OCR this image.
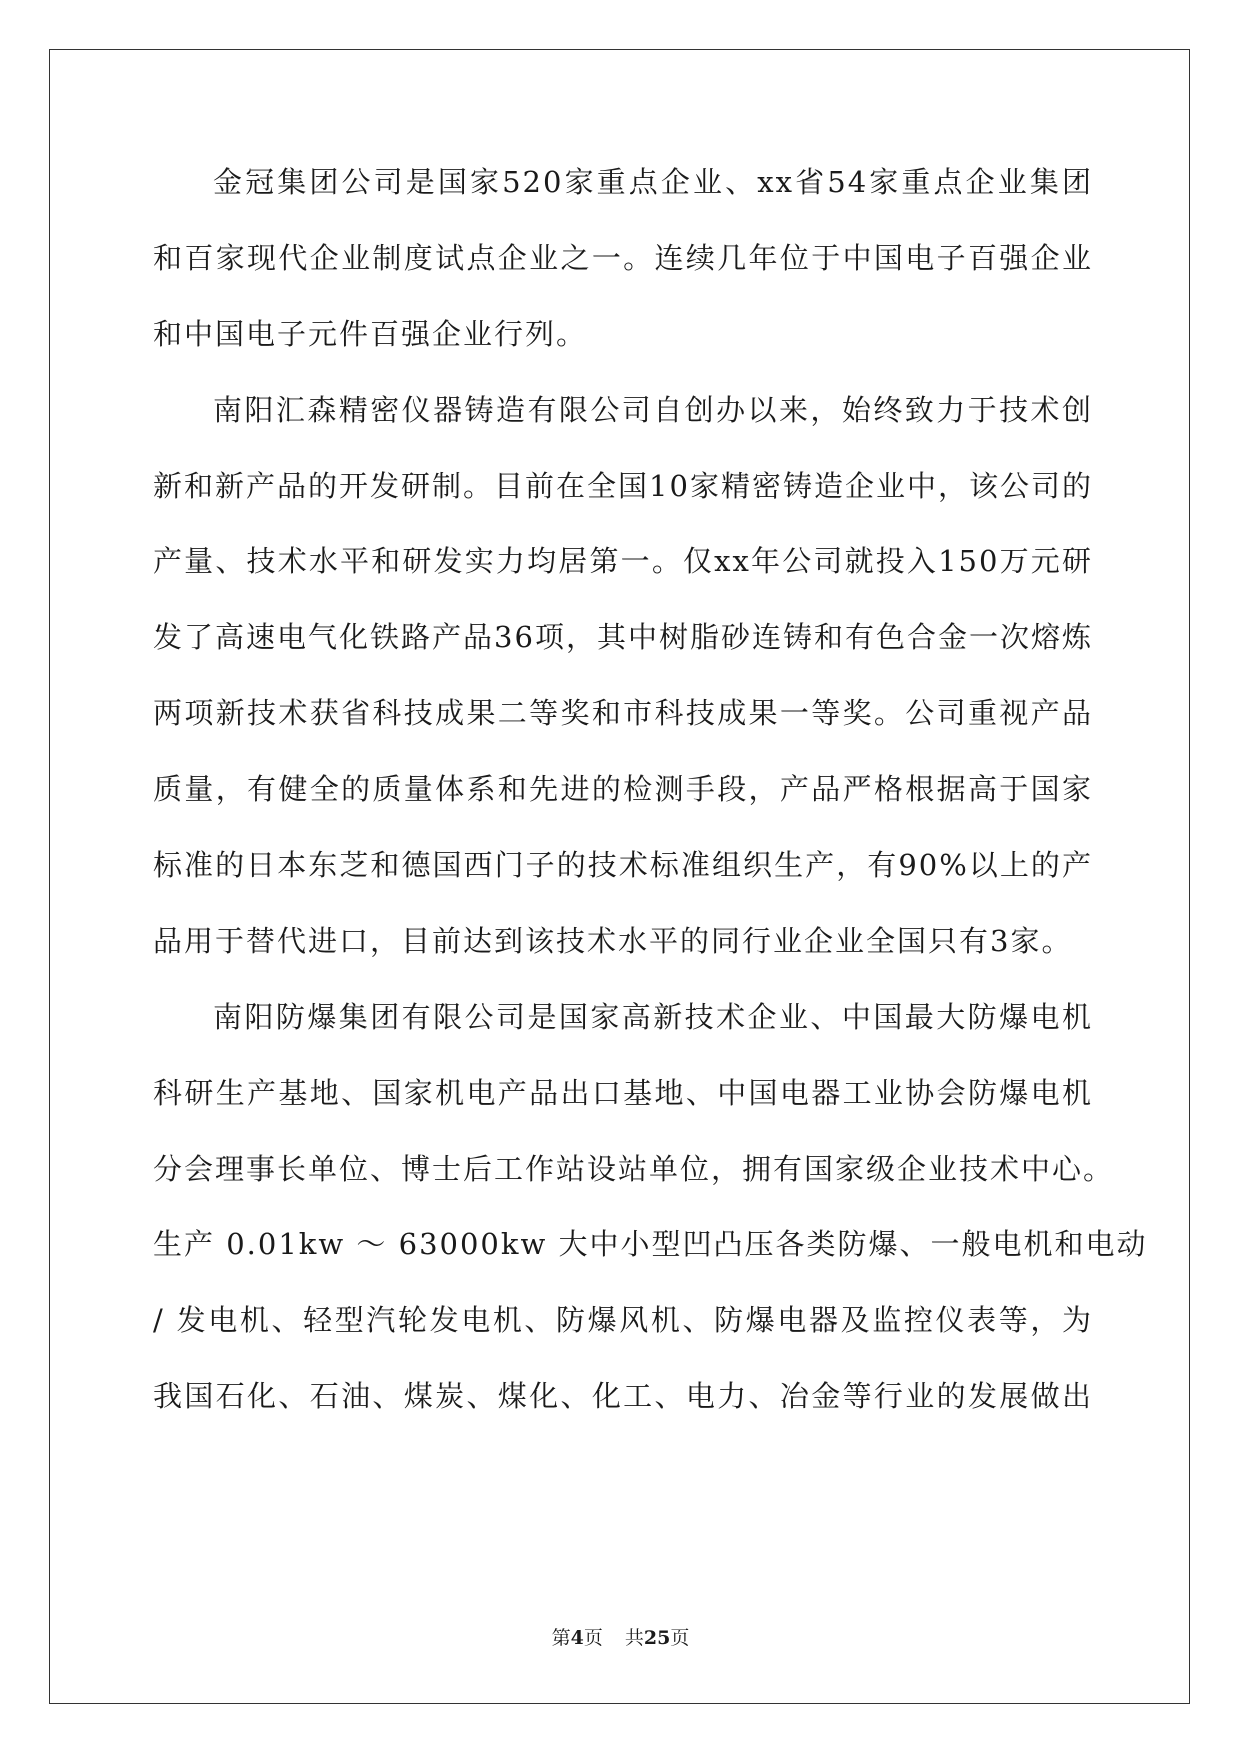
金冠集团公司是国家520家重点企业、xx省54家重点企业集团
和百家现代企业制度试点企业之一。连续几年位于中国电子百强企业
和中国电子元件百强企业行列。
南阳汇森精密仪器铸造有限公司自创办以来，始终致力于技术创
新和新产品的开发研制。目前在全国10家精密铸造企业中，该公司的
产量、技术水平和研发实力均居第一。仅xx年公司就投入150万元研
发了高速电气化铁路产品36项，其中树脂砂连铸和有色合金一次熔炼
两项新技术获省科技成果二等奖和市科技成果一等奖。公司重视产品
质量，有健全的质量体系和先进的检测手段，产品严格根据高于国家
标准的日本东芝和德国西门子的技术标准组织生产，有90%以上的产
品用于替代进口，目前达到该技术水平的同行业企业全国只有3家。
南阳防爆集团有限公司是国家高新技术企业、中国最大防爆电机
科研生产基地、国家机电产品出口基地、中国电器工业协会防爆电机
分会理事长单位、博士后工作站设站单位，拥有国家级企业技术中心。
生产 0.01kw ～ 63000kw 大中小型凹凸压各类防爆、一般电机和电动
/ 发电机、轻型汽轮发电机、防爆风机、防爆电器及监控仪表等，为
我国石化、石油、煤炭、煤化、化工、电力、冶金等行业的发展做出
第4页 共25页
